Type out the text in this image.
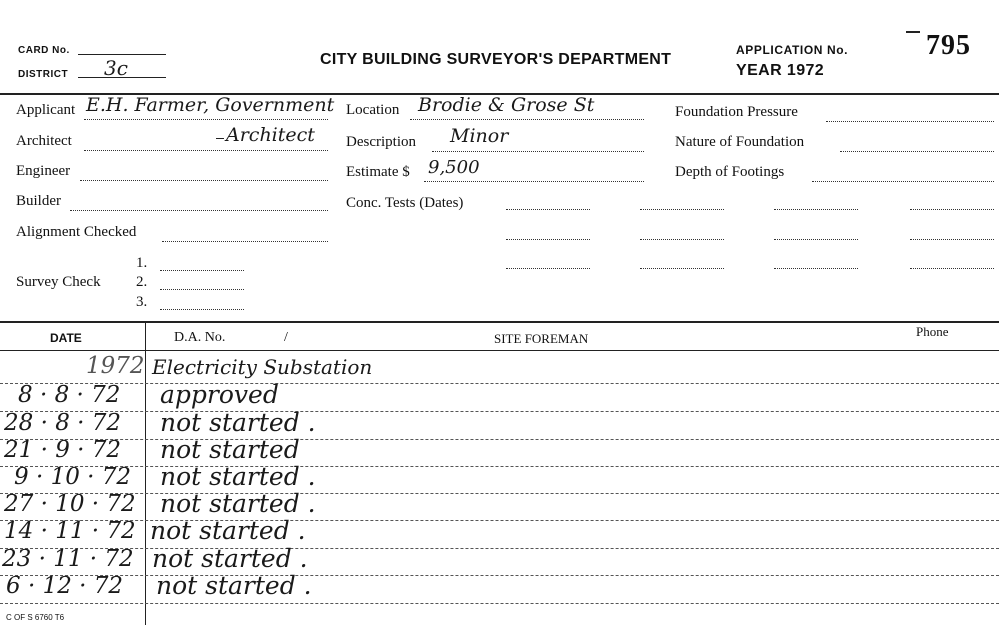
CARD No.
DISTRICT 3c	CITY BUILDING SURVEYOR'S DEPARTMENT
APPLICATION No.
YEAR 1972
795
Applicant E.H. Farmer, Government
Architect	Architect
Engineer
Builder
Alignment Checked
Survey Check
1.
2.
3.
Location Brodie & Grose St
Description Minor
Estimate $ 9,500
Conc. Tests (Dates)
Foundation Pressure
Nature of Foundation
Depth of Footings
DATE	D.A. No.	/	SITE FOREMAN	Phone
1972 Electricity Substation
8 · 8 · 72 approved
28 · 8 · 72 not started .
21 · 9 · 72 not started
9 · 10 · 72 not started .
27 · 10 · 72 not started .
14 · 11 · 72 not started .
23 · 11 · 72 not started .
6 · 12 · 72 not started .
C OF S 6760 T6
